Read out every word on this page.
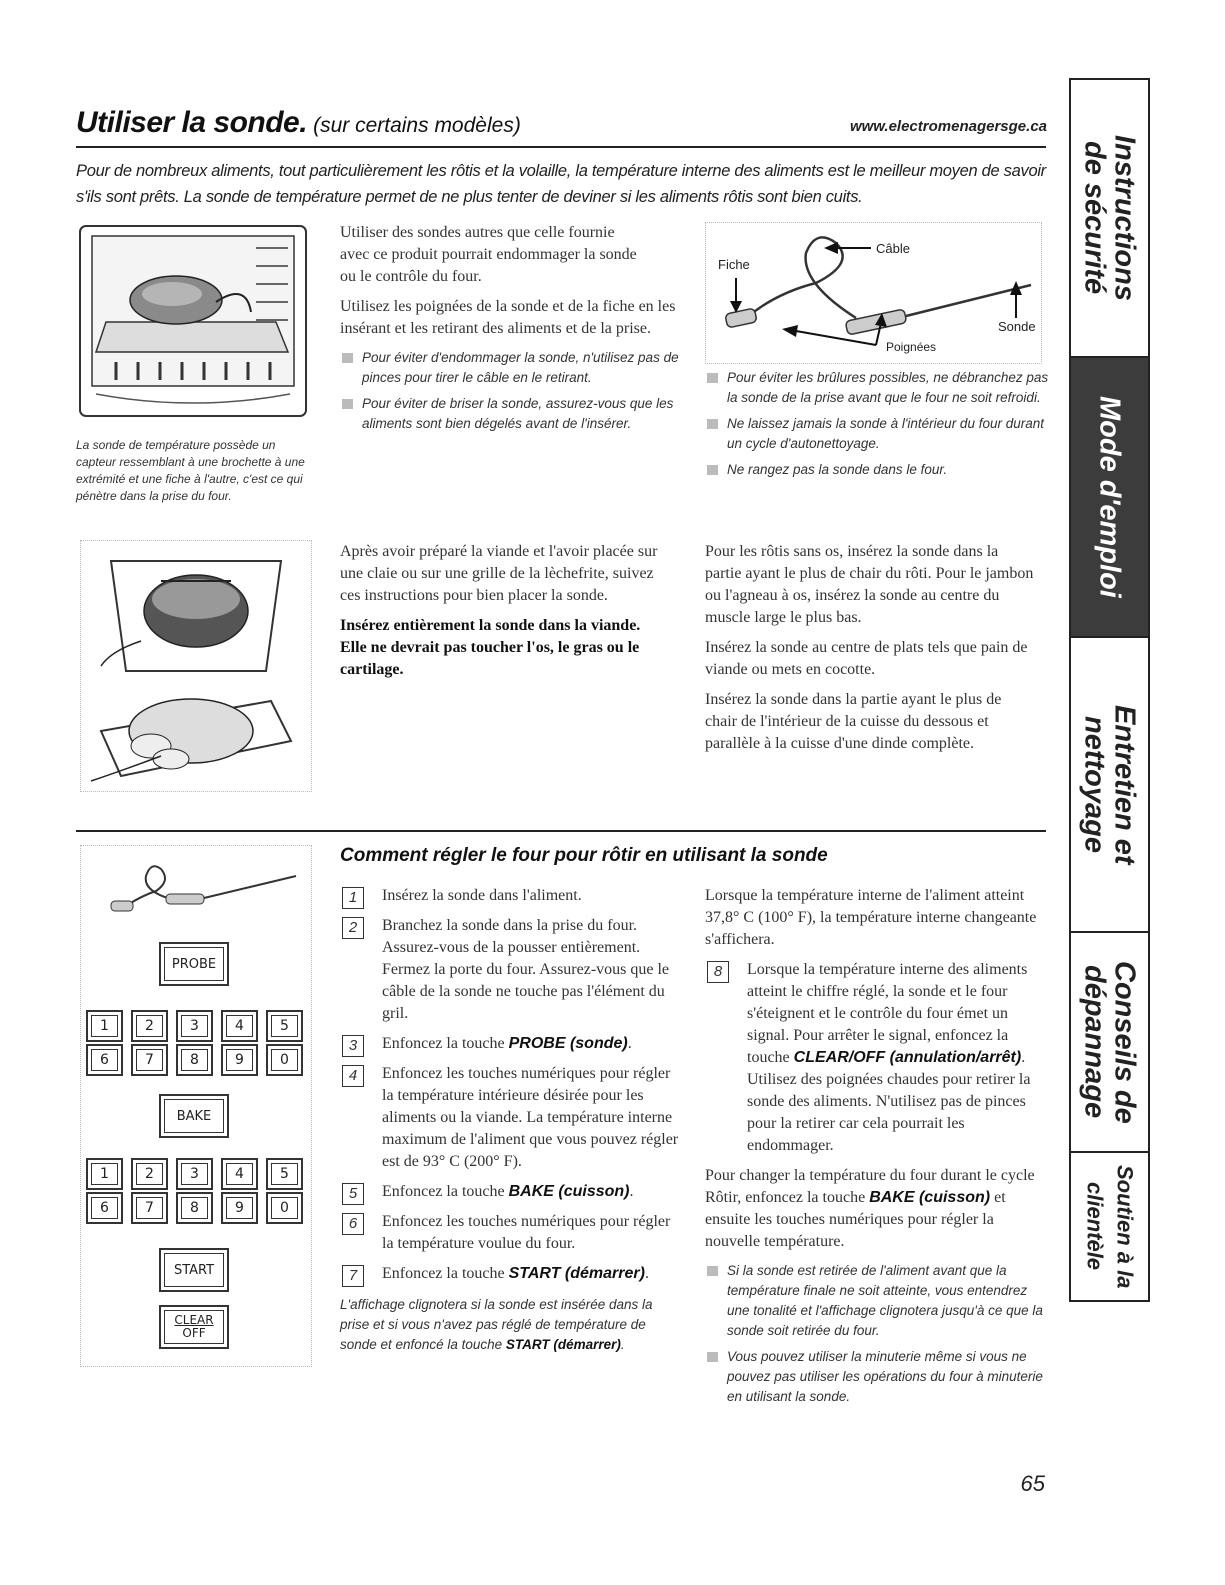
Utiliser la sonde. (sur certains modèles)	www.electromenagersge.ca
Pour de nombreux aliments, tout particulièrement les rôtis et la volaille, la température interne des aliments est le meilleur moyen de savoir s'ils sont prêts. La sonde de température permet de ne plus tenter de deviner si les aliments rôtis sont bien cuits.
La sonde de température possède un capteur ressemblant à une brochette à une extrémité et une fiche à l'autre, c'est ce qui pénètre dans la prise du four.

Utiliser des sondes autres que celle fournie avec ce produit pourrait endommager la sonde ou le contrôle du four.

Utilisez les poignées de la sonde et de la fiche en les insérant et les retirant des aliments et de la prise.

Pour éviter d'endommager la sonde, n'utilisez pas de pinces pour tirer le câble en le retirant.
Pour éviter de briser la sonde, assurez-vous que les aliments sont bien dégelés avant de l'insérer.
Fiche
Câble
Sonde
Poignées
Pour éviter les brûlures possibles, ne débranchez pas la sonde de la prise avant que le four ne soit refroidi.
Ne laissez jamais la sonde à l'intérieur du four durant un cycle d'autonettoyage.
Ne rangez pas la sonde dans le four.

Après avoir préparé la viande et l'avoir placée sur une claie ou sur une grille de la lèchefrite, suivez ces instructions pour bien placer la sonde.

Insérez entièrement la sonde dans la viande. Elle ne devrait pas toucher l'os, le gras ou le cartilage.

Pour les rôtis sans os, insérez la sonde dans la partie ayant le plus de chair du rôti. Pour le jambon ou l'agneau à os, insérez la sonde au centre du muscle large le plus bas.

Insérez la sonde au centre de plats tels que pain de viande ou mets en cocotte.

Insérez la sonde dans la partie ayant le plus de chair de l'intérieur de la cuisse du dessous et parallèle à la cuisse d'une dinde complète.

Comment régler le four pour rôtir en utilisant la sonde
PROBE
1	2	3	4	5
BAKE
1	2	3	4	5
START
CLEAR
OFF
1	Insérez la sonde dans l'aliment.
2	Branchez la sonde dans la prise du four. Assurez-vous de la pousser entièrement. Fermez la porte du four. Assurez-vous que le câble de la sonde ne touche pas l'élément du gril.
3	Enfoncez la touche PROBE (sonde).
4	Enfoncez les touches numériques pour régler la température intérieure désirée pour les aliments ou la viande. La température interne maximum de l'aliment que vous pouvez régler est de 93° C (200° F).
5	Enfoncez la touche BAKE (cuisson).
6	Enfoncez les touches numériques pour régler la température voulue du four.
7	Enfoncez la touche START (démarrer).
L'affichage clignotera si la sonde est insérée dans la prise et si vous n'avez pas réglé de température de sonde et enfoncé la touche START (démarrer).

Lorsque la température interne de l'aliment atteint 37,8° C (100° F), la température interne changeante s'affichera.

8	Lorsque la température interne des aliments atteint le chiffre réglé, la sonde et le four s'éteignent et le contrôle du four émet un signal. Pour arrêter le signal, enfoncez la touche CLEAR/OFF (annulation/arrêt). Utilisez des poignées chaudes pour retirer la sonde des aliments. N'utilisez pas de pinces pour la retirer car cela pourrait les endommager.

Pour changer la température du four durant le cycle Rôtir, enfoncez la touche BAKE (cuisson) et ensuite les touches numériques pour régler la nouvelle température.

Si la sonde est retirée de l'aliment avant que la température finale ne soit atteinte, vous entendrez une tonalité et l'affichage clignotera jusqu'à ce que la sonde soit retirée du four.
Vous pouvez utiliser la minuterie même si vous ne pouvez pas utiliser les opérations du four à minuterie en utilisant la sonde.
65
Instructions
de sécurité
Mode d'emploi
Entretien et nettoyage
Conseils de dépannage
Soutien à la clientèle
6	7	8	9	0
6	7	8	9	0
